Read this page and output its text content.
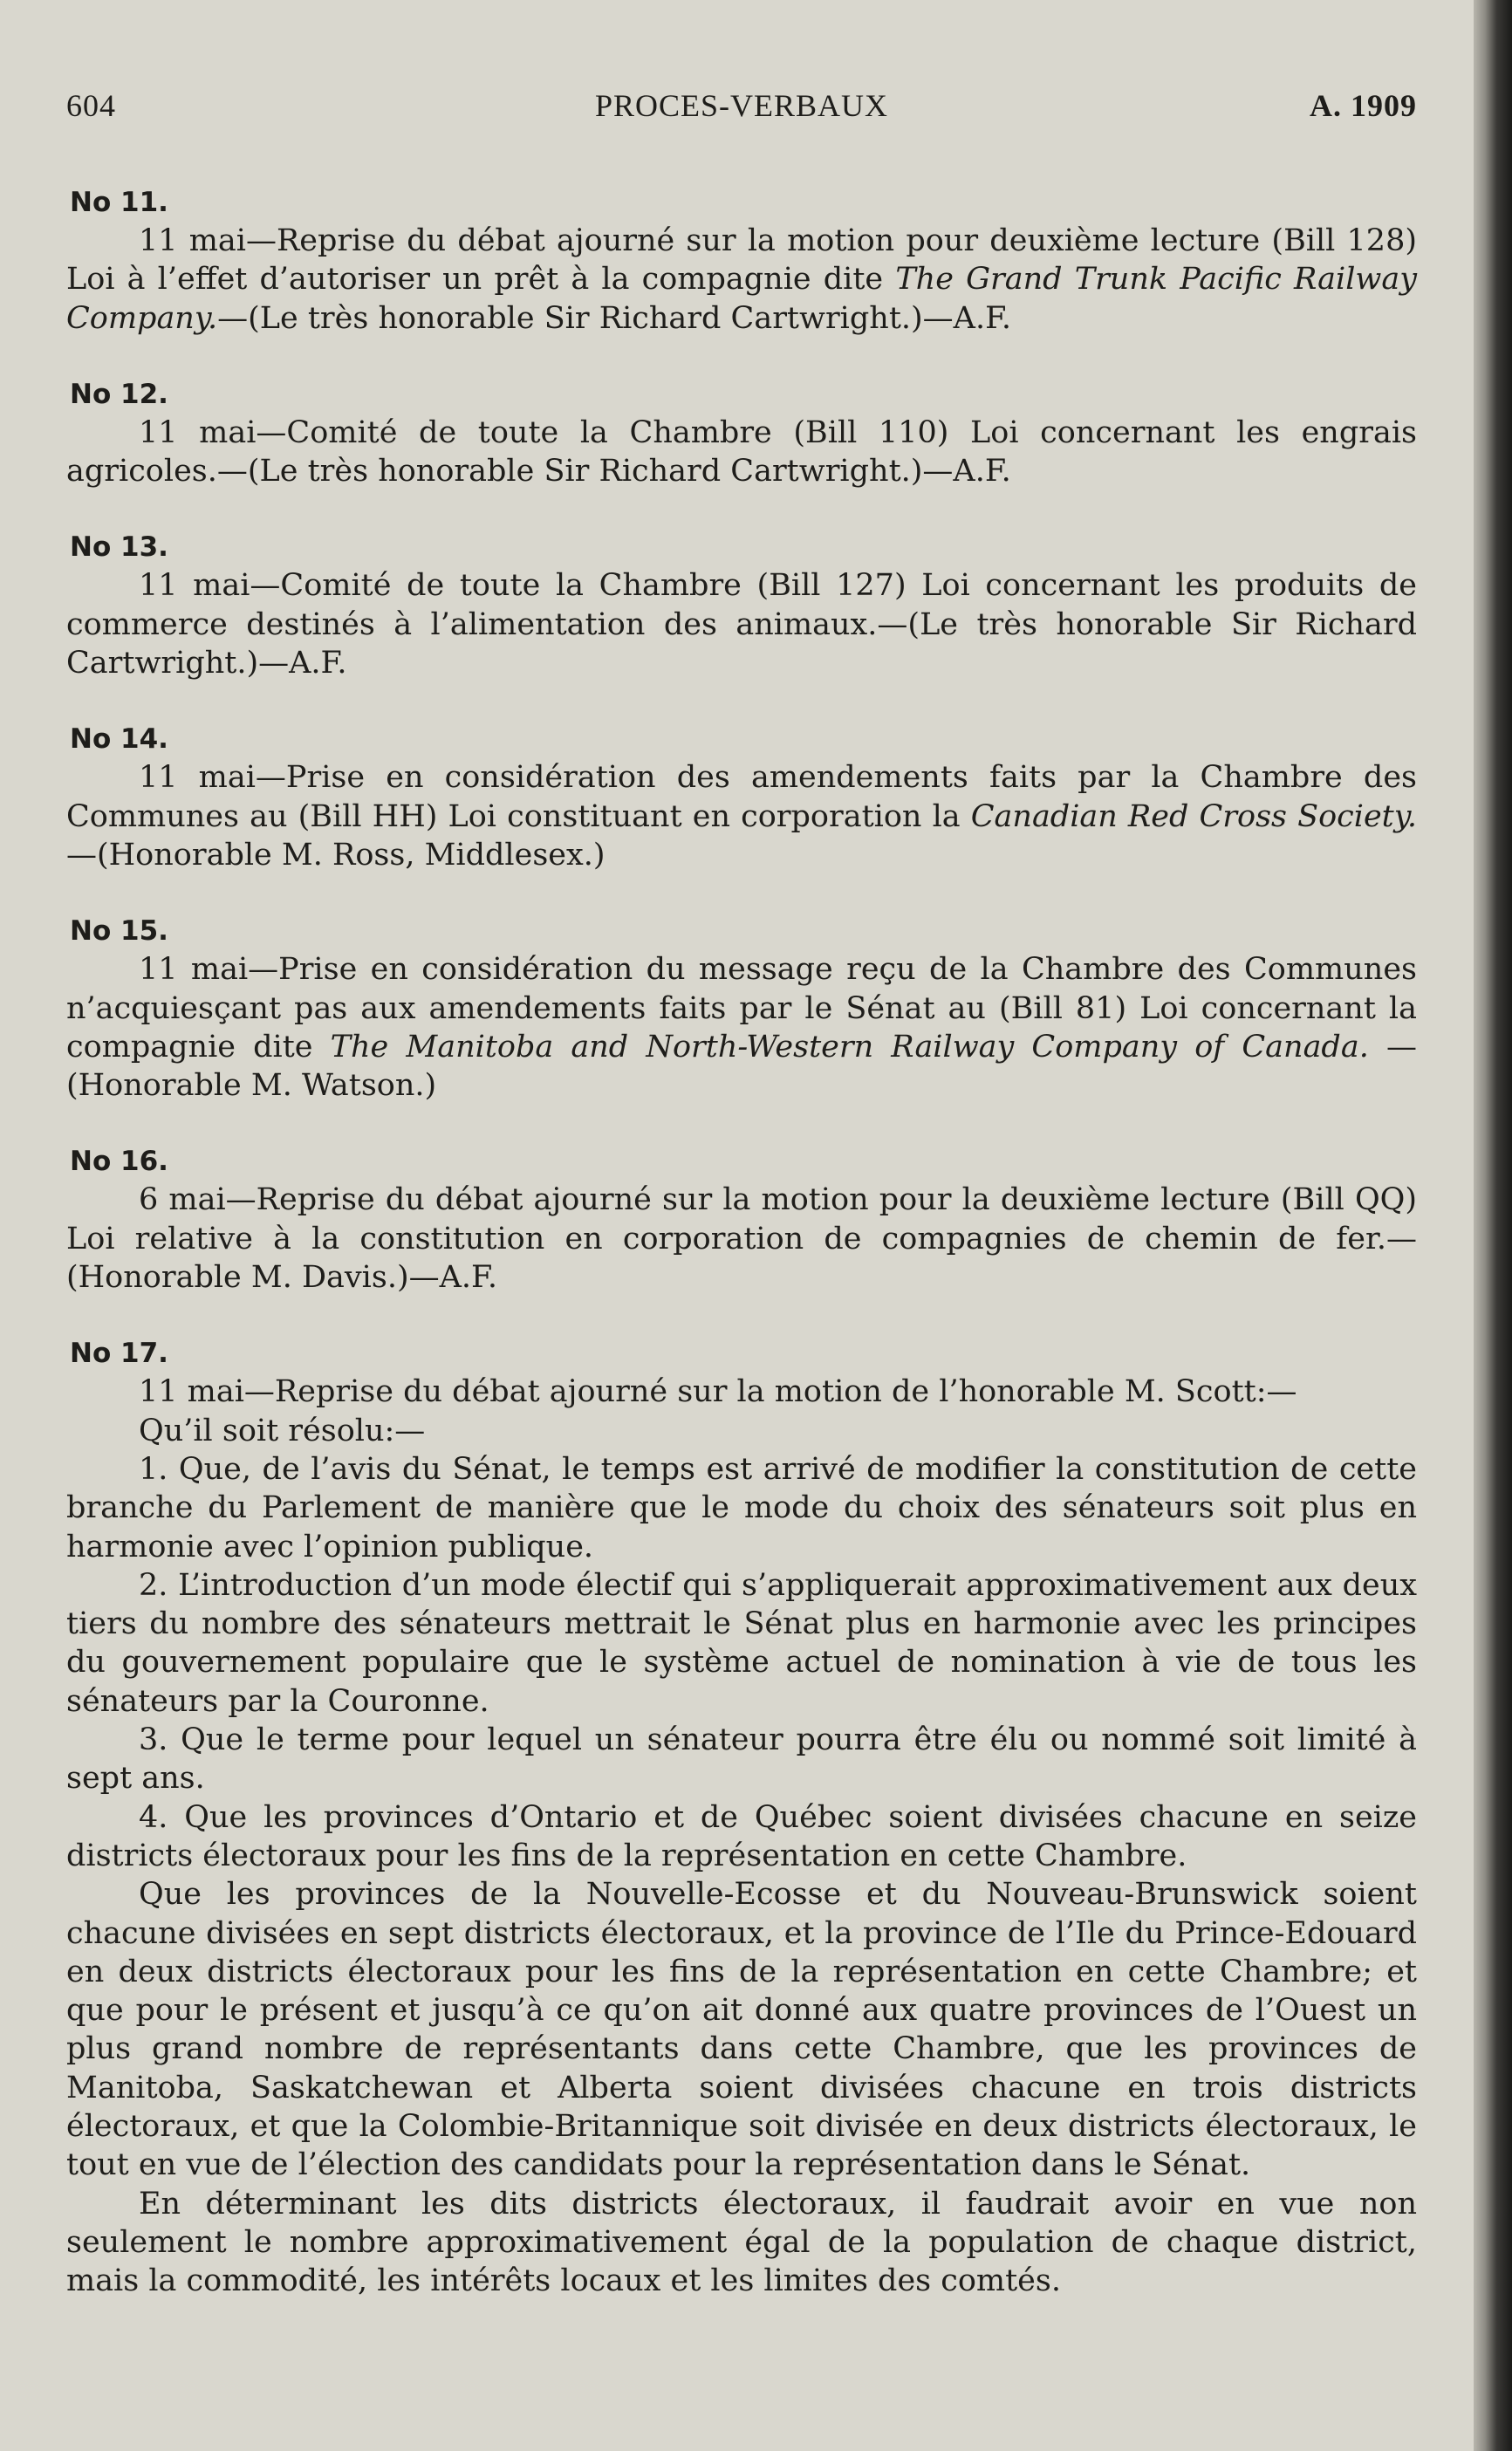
604	PROCES-VERBAUX	A. 1909
No 11.

11 mai—Reprise du débat ajourné sur la motion pour deuxième lecture (Bill 128) Loi à l’effet d’autoriser un prêt à la compagnie dite The Grand Trunk Pacific Railway Company.—(Le très honorable Sir Richard Cartwright.)—A.F.

No 12.

11 mai—Comité de toute la Chambre (Bill 110) Loi concernant les engrais agricoles.—(Le très honorable Sir Richard Cartwright.)—A.F.

No 13.

11 mai—Comité de toute la Chambre (Bill 127) Loi concernant les produits de commerce destinés à l’alimentation des animaux.—(Le très honorable Sir Richard Cartwright.)—A.F.

No 14.

11 mai—Prise en considération des amendements faits par la Chambre des Communes au (Bill HH) Loi constituant en corporation la Canadian Red Cross Society. —(Honorable M. Ross, Middlesex.)

No 15.

11 mai—Prise en considération du message reçu de la Chambre des Communes n’acquiesçant pas aux amendements faits par le Sénat au (Bill 81) Loi concernant la compagnie dite The Manitoba and North-Western Railway Company of Canada. —(Honorable M. Watson.)

No 16.

6 mai—Reprise du débat ajourné sur la motion pour la deuxième lecture (Bill QQ) Loi relative à la constitution en corporation de compagnies de chemin de fer.—(Honorable M. Davis.)—A.F.

No 17.

11 mai—Reprise du débat ajourné sur la motion de l’honorable M. Scott:—

Qu’il soit résolu:—

1. Que, de l’avis du Sénat, le temps est arrivé de modifier la constitution de cette branche du Parlement de manière que le mode du choix des sénateurs soit plus en harmonie avec l’opinion publique.

2. L’introduction d’un mode électif qui s’appliquerait approximativement aux deux tiers du nombre des sénateurs mettrait le Sénat plus en harmonie avec les principes du gouvernement populaire que le système actuel de nomination à vie de tous les sénateurs par la Couronne.

3. Que le terme pour lequel un sénateur pourra être élu ou nommé soit limité à sept ans.

4. Que les provinces d’Ontario et de Québec soient divisées chacune en seize districts électoraux pour les fins de la représentation en cette Chambre.

Que les provinces de la Nouvelle-Ecosse et du Nouveau-Brunswick soient chacune divisées en sept districts électoraux, et la province de l’Ile du Prince-Edouard en deux districts électoraux pour les fins de la représentation en cette Chambre; et que pour le présent et jusqu’à ce qu’on ait donné aux quatre provinces de l’Ouest un plus grand nombre de représentants dans cette Chambre, que les provinces de Manitoba, Saskatchewan et Alberta soient divisées chacune en trois districts électoraux, et que la Colombie-Britannique soit divisée en deux districts électoraux, le tout en vue de l’élection des candidats pour la représentation dans le Sénat.

En déterminant les dits districts électoraux, il faudrait avoir en vue non seulement le nombre approximativement égal de la population de chaque district, mais la commodité, les intérêts locaux et les limites des comtés.
